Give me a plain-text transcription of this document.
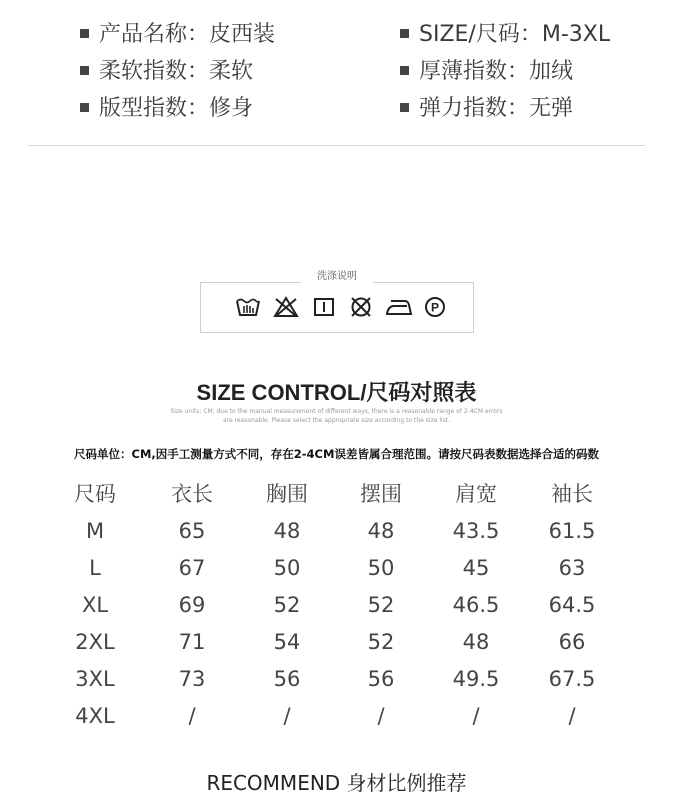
产品名称：皮西装
柔软指数：柔软
版型指数：修身
SIZE/尺码：M-3XL
厚薄指数：加绒
弹力指数：无弹
洗涤说明
P
SIZE CONTROL/尺码对照表
Size units: CM, due to the manual measurement of different ways, there is a reasonable range of 2-4CM errors
are reasonable. Please select the appropriate size according to the size list.
尺码单位：CM,因手工测量方式不同，存在2-4CM误差皆属合理范围。请按尺码表数据选择合适的码数
尺码	衣长	胸围	摆围	肩宽	袖长
M	65	48	48	43.5	61.5
L	67	50	50	45	63
XL	69	52	52	46.5	64.5
2XL	71	54	52	48	66
3XL	73	56	56	49.5	67.5
4XL	/	/	/	/	/
RECOMMEND 身材比例推荐
